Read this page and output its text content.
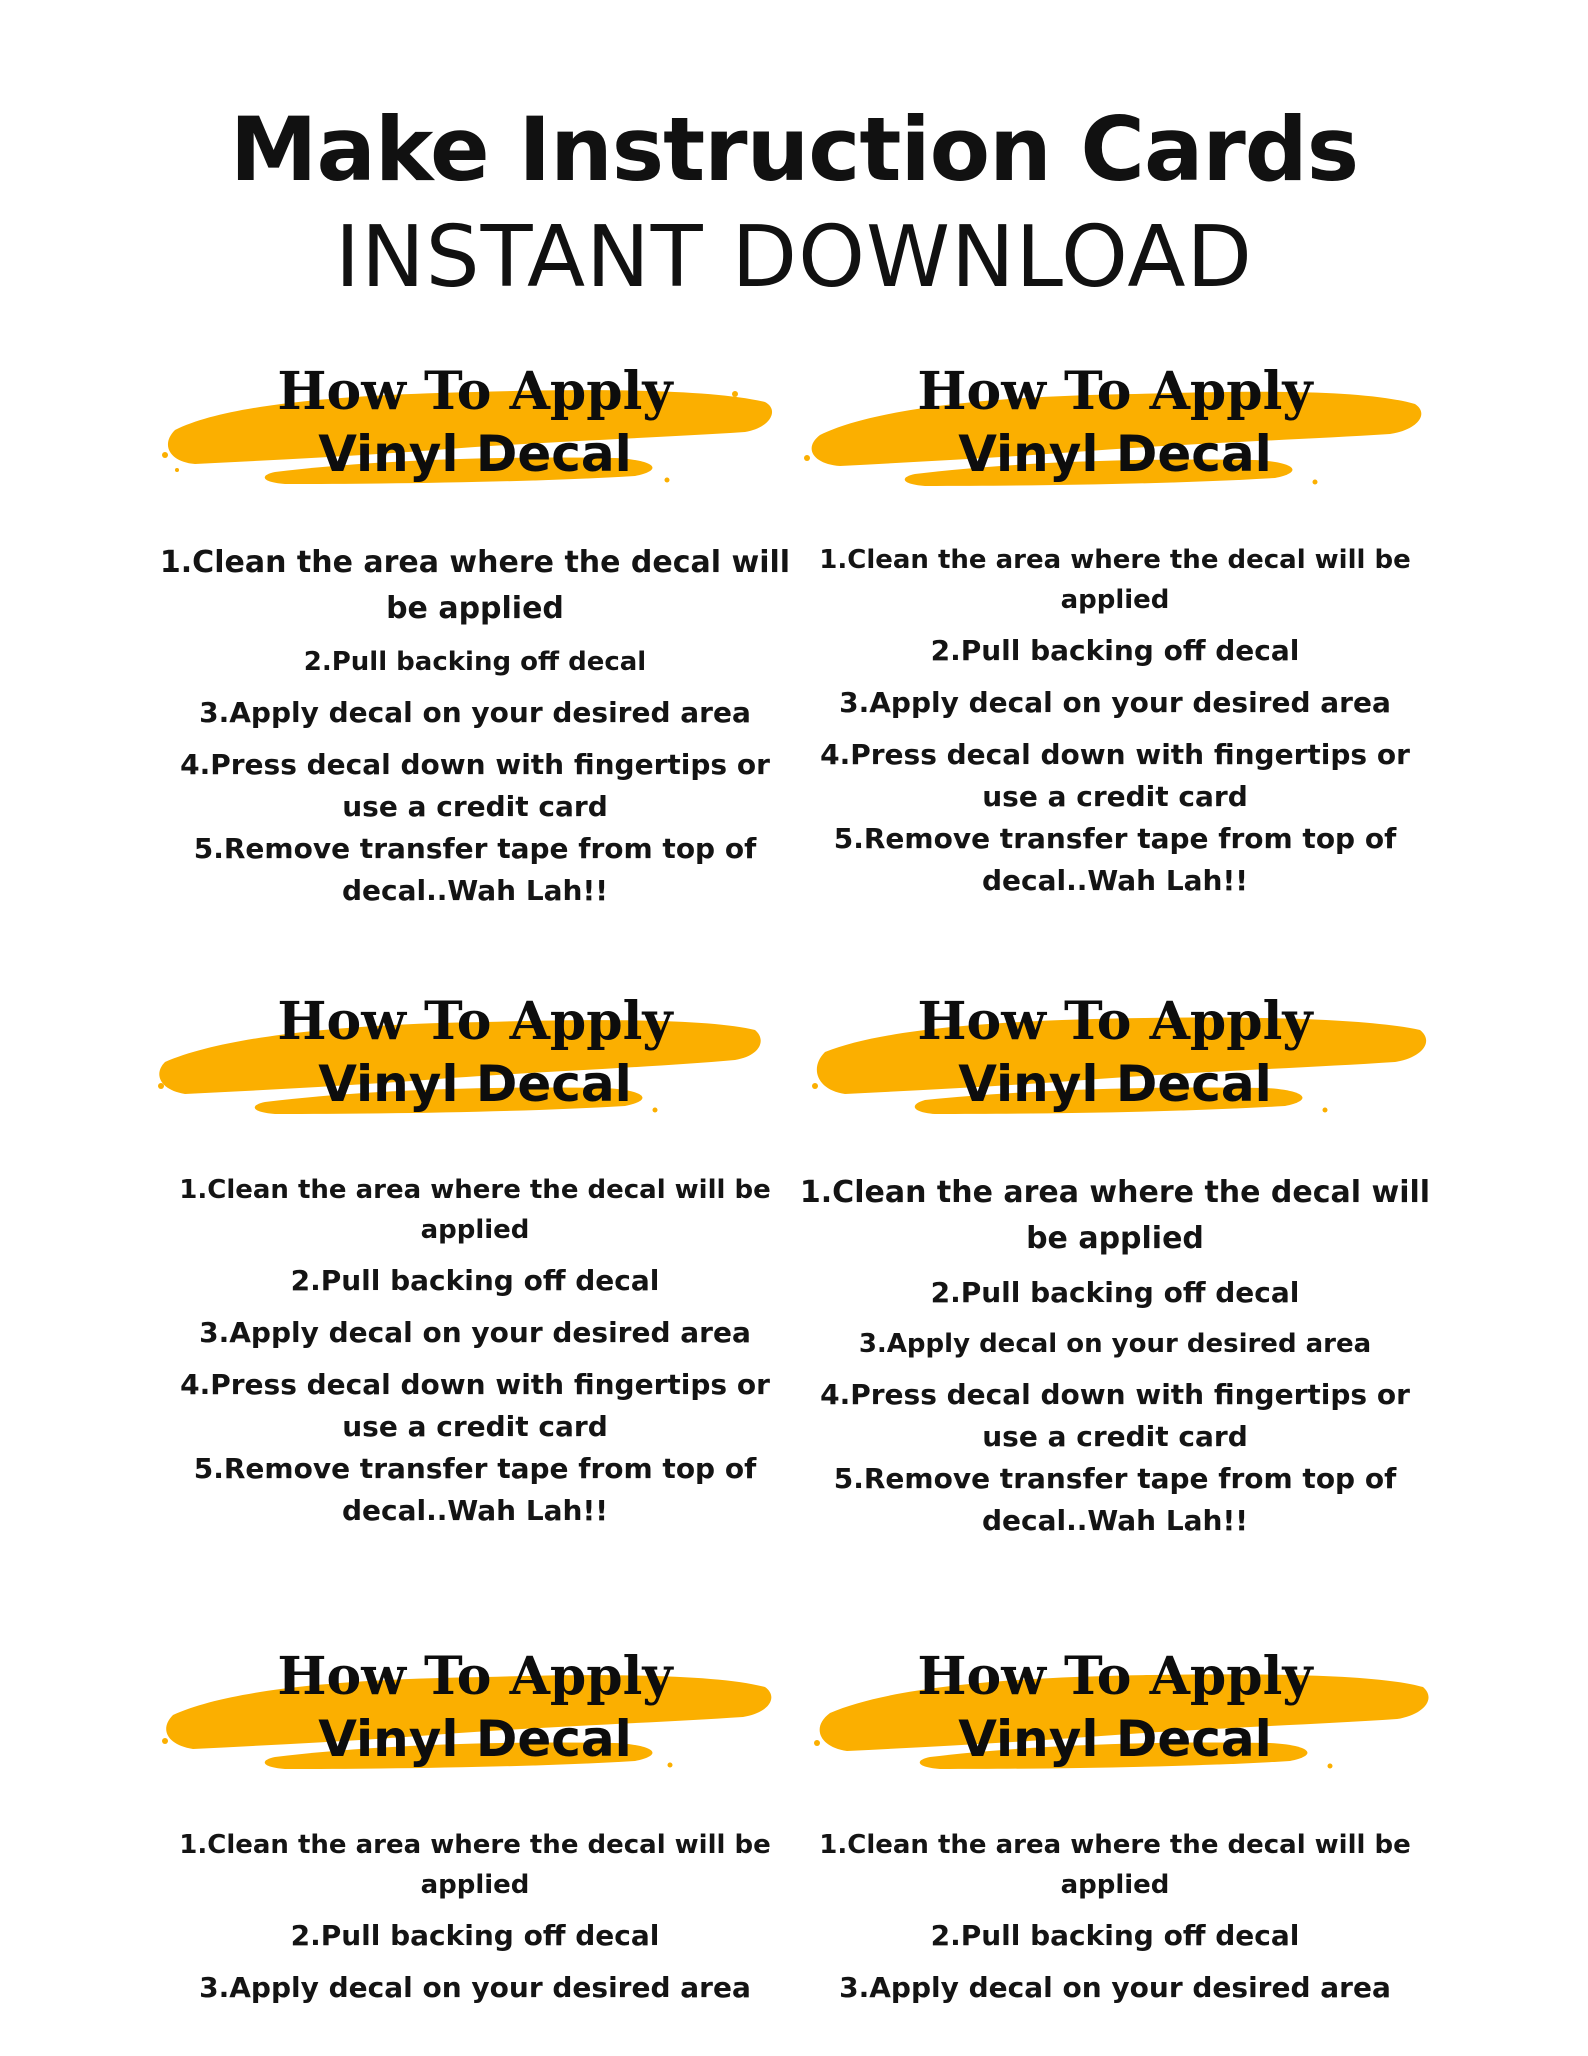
Make Instruction Cards
INSTANT DOWNLOAD
How To Apply
Vinyl Decal
1.Clean the area where the decal will be applied
2.Pull backing off decal
3.Apply decal on your desired area
4.Press decal down with fingertips or use a credit card
5.Remove transfer tape from top of decal..Wah Lah!!
How To Apply
Vinyl Decal
1.Clean the area where the decal will be applied
2.Pull backing off decal
3.Apply decal on your desired area
4.Press decal down with fingertips or use a credit card
5.Remove transfer tape from top of decal..Wah Lah!!
How To Apply
Vinyl Decal
1.Clean the area where the decal will be applied
2.Pull backing off decal
3.Apply decal on your desired area
4.Press decal down with fingertips or use a credit card
5.Remove transfer tape from top of decal..Wah Lah!!
How To Apply
Vinyl Decal
1.Clean the area where the decal will be applied
2.Pull backing off decal
3.Apply decal on your desired area
4.Press decal down with fingertips or use a credit card
5.Remove transfer tape from top of decal..Wah Lah!!
How To Apply
Vinyl Decal
1.Clean the area where the decal will be applied
2.Pull backing off decal
3.Apply decal on your desired area
How To Apply
Vinyl Decal
1.Clean the area where the decal will be applied
2.Pull backing off decal
3.Apply decal on your desired area
